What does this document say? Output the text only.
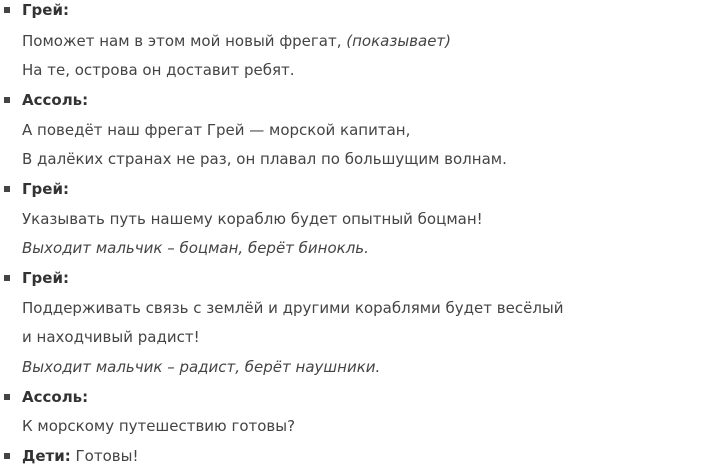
Грей:
Поможет нам в этом мой новый фрегат, (показывает)
На те, острова он доставит ребят.
Ассоль:
А поведёт наш фрегат Грей — морской капитан,
В далёких странах не раз, он плавал по большущим волнам.
Грей:
Указывать путь нашему кораблю будет опытный боцман!
Выходит мальчик – боцман, берёт бинокль.
Грей:
Поддерживать связь с землёй и другими кораблями будет весёлый
и находчивый радист!
Выходит мальчик – радист, берёт наушники.
Ассоль:
К морскому путешествию готовы?
Дети: Готовы!
